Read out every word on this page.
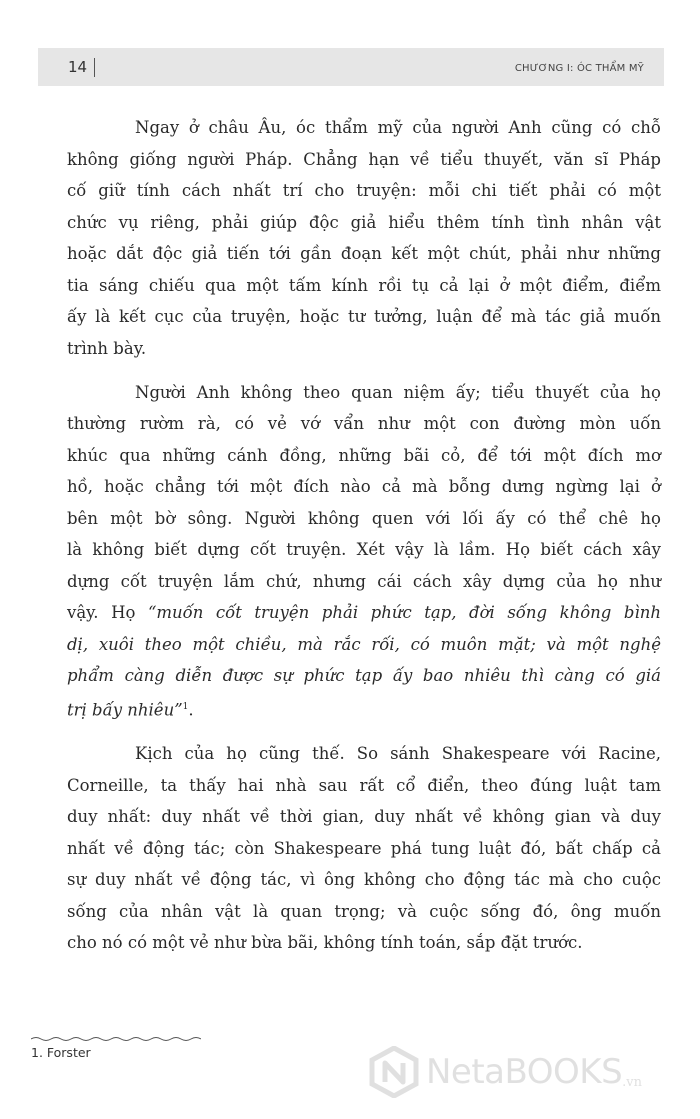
14	CHƯƠNG I: ÓC THẨM MỸ

Ngay ở châu Âu, óc thẩm mỹ của người Anh cũng có chỗ
không giống người Pháp. Chẳng hạn về tiểu thuyết, văn sĩ Pháp
cố giữ tính cách nhất trí cho truyện: mỗi chi tiết phải có một
chức vụ riêng, phải giúp độc giả hiểu thêm tính tình nhân vật
hoặc dắt độc giả tiến tới gần đoạn kết một chút, phải như những
tia sáng chiếu qua một tấm kính rồi tụ cả lại ở một điểm, điểm
ấy là kết cục của truyện, hoặc tư tưởng, luận để mà tác giả muốn
trình bày.

Người Anh không theo quan niệm ấy; tiểu thuyết của họ
thường rườm rà, có vẻ vớ vẩn như một con đường mòn uốn
khúc qua những cánh đồng, những bãi cỏ, để tới một đích mơ
hồ, hoặc chẳng tới một đích nào cả mà bỗng dưng ngừng lại ở
bên một bờ sông. Người không quen với lối ấy có thể chê họ
là không biết dựng cốt truyện. Xét vậy là lầm. Họ biết cách xây
dựng cốt truyện lắm chứ, nhưng cái cách xây dựng của họ như
vậy. Họ “muốn cốt truyện phải phức tạp, đời sống không bình
dị, xuôi theo một chiều, mà rắc rối, có muôn mặt; và một nghệ
phẩm càng diễn được sự phức tạp ấy bao nhiêu thì càng có giá
trị bấy nhiêu”$^1$.

Kịch của họ cũng thế. So sánh Shakespeare với Racine,
Corneille, ta thấy hai nhà sau rất cổ điển, theo đúng luật tam
duy nhất: duy nhất về thời gian, duy nhất về không gian và duy
nhất về động tác; còn Shakespeare phá tung luật đó, bất chấp cả
sự duy nhất về động tác, vì ông không cho động tác mà cho cuộc
sống của nhân vật là quan trọng; và cuộc sống đó, ông muốn
cho nó có một vẻ như bừa bãi, không tính toán, sắp đặt trước.

1. Forster	NetaBOOKS .vn
